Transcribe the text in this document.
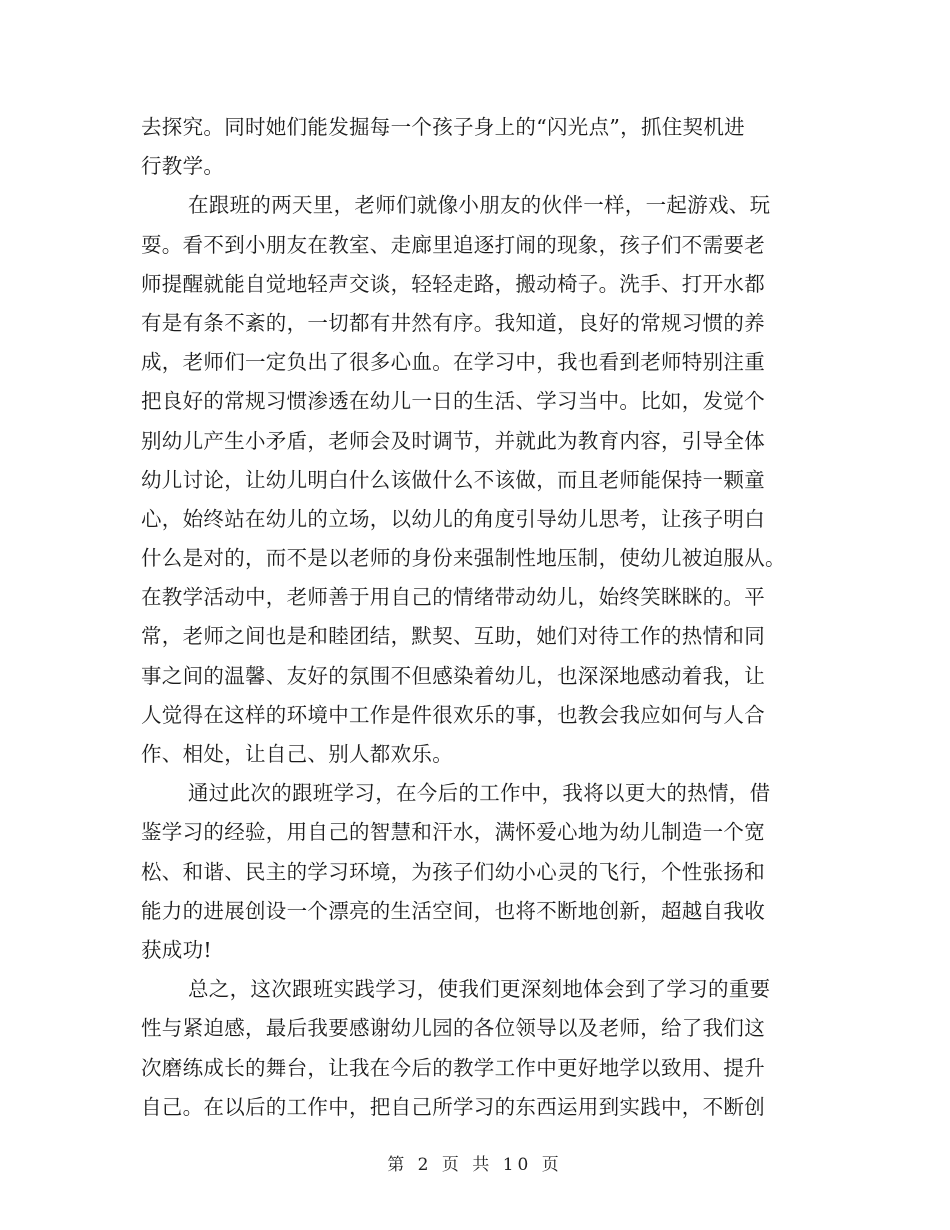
去探究。同时她们能发掘每一个孩子身上的“闪光点”，抓住契机进
行教学。
在跟班的两天里，老师们就像小朋友的伙伴一样，一起游戏、玩
耍。看不到小朋友在教室、走廊里追逐打闹的现象，孩子们不需要老
师提醒就能自觉地轻声交谈，轻轻走路，搬动椅子。洗手、打开水都
有是有条不紊的，一切都有井然有序。我知道，良好的常规习惯的养
成，老师们一定负出了很多心血。在学习中，我也看到老师特别注重
把良好的常规习惯渗透在幼儿一日的生活、学习当中。比如，发觉个
别幼儿产生小矛盾，老师会及时调节，并就此为教育内容，引导全体
幼儿讨论，让幼儿明白什么该做什么不该做，而且老师能保持一颗童
心，始终站在幼儿的立场，以幼儿的角度引导幼儿思考，让孩子明白
什么是对的，而不是以老师的身份来强制性地压制，使幼儿被迫服从。
在教学活动中，老师善于用自己的情绪带动幼儿，始终笑眯眯的。平
常，老师之间也是和睦团结，默契、互助，她们对待工作的热情和同
事之间的温馨、友好的氛围不但感染着幼儿，也深深地感动着我，让
人觉得在这样的环境中工作是件很欢乐的事，也教会我应如何与人合
作、相处，让自己、别人都欢乐。
通过此次的跟班学习，在今后的工作中，我将以更大的热情，借
鉴学习的经验，用自己的智慧和汗水，满怀爱心地为幼儿制造一个宽
松、和谐、民主的学习环境，为孩子们幼小心灵的飞行，个性张扬和
能力的进展创设一个漂亮的生活空间，也将不断地创新，超越自我收
获成功!
总之，这次跟班实践学习，使我们更深刻地体会到了学习的重要
性与紧迫感，最后我要感谢幼儿园的各位领导以及老师，给了我们这
次磨练成长的舞台，让我在今后的教学工作中更好地学以致用、提升
自己。在以后的工作中，把自己所学习的东西运用到实践中，不断创
第 2 页 共 10 页
